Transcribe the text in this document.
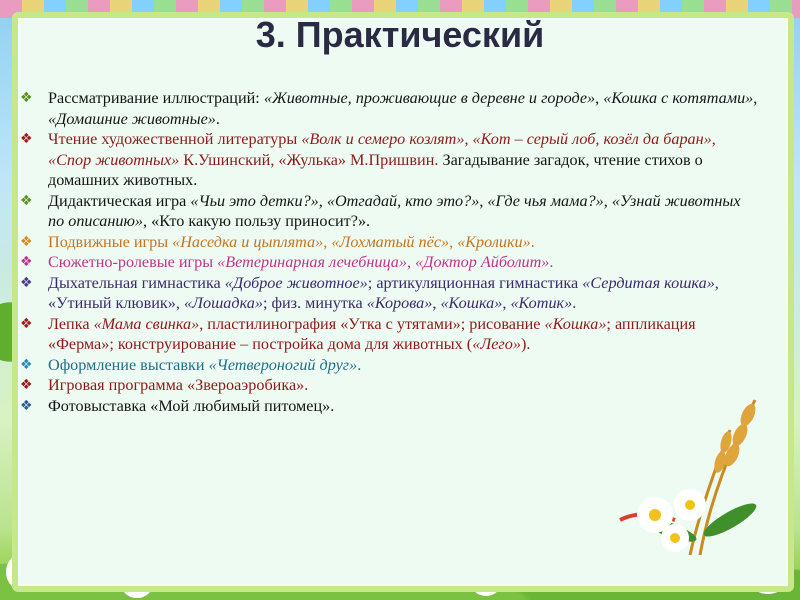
3. Практический
❖ Рассматривание иллюстраций: «Животные, проживающие в деревне и городе», «Кошка с котятами», «Домашние животные».
❖ Чтение художественной литературы «Волк и семеро козлят», «Кот – серый лоб, козёл да баран», «Спор животных» К.Ушинский, «Жулька» М.Пришвин. Загадывание загадок, чтение стихов о домашних животных.
❖ Дидактическая игра «Чьи это детки?», «Отгадай, кто это?», «Где чья мама?», «Узнай животных по описанию», «Кто какую пользу приносит?».
❖ Подвижные игры «Наседка и цыплята», «Лохматый пёс», «Кролики».
❖ Сюжетно-ролевые игры «Ветеринарная лечебница», «Доктор Айболит».
❖ Дыхательная гимнастика «Доброе животное»; артикуляционная гимнастика «Сердитая кошка», «Утиный клювик», «Лошадка»; физ. минутка «Корова», «Кошка», «Котик».
❖ Лепка «Мама свинка», пластилинография «Утка с утятами»; рисование «Кошка»; аппликация «Ферма»; конструирование – постройка дома для животных («Лего»).
❖ Оформление выставки «Четвероногий друг».
❖ Игровая программа «Звероаэробика».
❖ Фотовыставка «Мой любимый питомец».
